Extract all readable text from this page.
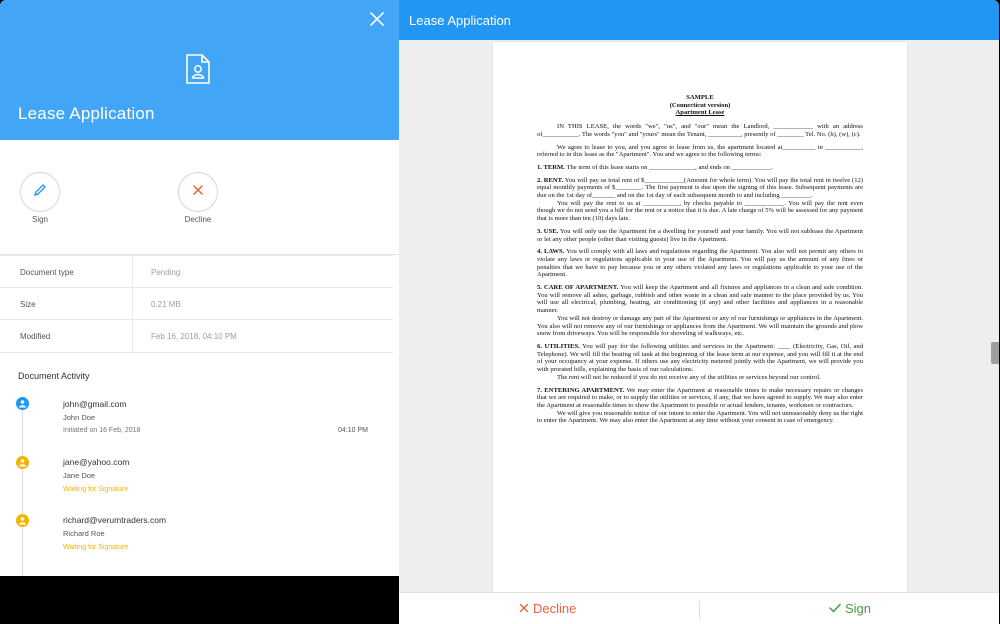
Lease Application
Sign	Decline
Document type	Pending
Size	0.21 MB
Modified	Feb 16, 2018, 04:10 PM
Document Activity
john@gmail.com
John Doe
Initiated on 16 Feb, 2018	04:10 PM
jane@yahoo.com
Jane Doe
Waiting for Signature
richard@verumtraders.com
Richard Roe
Waiting for Signature
Lease Application
SAMPLE
(Connecticut version)
Apartment Lease

IN THIS LEASE, the words "we", "us", and "our" mean the Landlord, ____________ with an address of___________. The words "you" and "yours" mean the Tenant, __________, presently of ________ Tel. No. (h), (w), (c).

We agree to lease to you, and you agree to lease from us, the apartment located at__________ in ___________, referred to in this lease as the "Apartment". You and we agree to the following terms:

1. TERM. The term of this lease starts on ______________, and ends on ____________.

2. RENT. You will pay us total rent of $____________(Amount for whole term). You will pay the total rent in twelve (12) equal monthly payments of $________. The first payment is due upon the signing of this lease. Subsequent payments are due on the 1st day of_______ and on the 1st day of each subsequent month to and including _________.

You will pay the rent to us at ___________, by checks payable to ____________. You will pay the rent even though we do not send you a bill for the rent or a notice that it is due. A late charge of 5% will be assessed for any payment that is more than ten (10) days late.

3. USE. You will only use the Apartment for a dwelling for yourself and your family. You will not sublease the Apartment or let any other people (other than visiting guests) live in the Apartment.

4. LAWS. You will comply with all laws and regulations regarding the Apartment. You also will not permit any others to violate any laws or regulations applicable to your use of the Apartment. You will pay us the amount of any fines or penalties that we have to pay because you or any others violated any laws or regulations applicable to your use of the Apartment.

5. CARE OF APARTMENT. You will keep the Apartment and all fixtures and appliances in a clean and safe condition. You will remove all ashes, garbage, rubbish and other waste in a clean and safe manner to the place provided by us. You will use all electrical, plumbing, heating, air conditioning (if any) and other facilities and appliances in a reasonable manner.

You will not destroy or damage any part of the Apartment or any of our furnishings or appliances in the Apartment. You also will not remove any of our furnishings or appliances from the Apartment. We will maintain the grounds and plow snow from driveways. You will be responsible for shoveling of walkways, etc.

6. UTILITIES. You will pay for the following utilities and services in the Apartment: ____ (Electricity, Gas, Oil, and Telephone). We will fill the heating oil tank at the beginning of the lease term at our expense, and you will fill it at the end of your occupancy at your expense. If others use any electricity metered jointly with the Apartment, we will provide you with prorated bills, explaining the basis of our calculations.

The rent will not be reduced if you do not receive any of the utilities or services beyond our control.

7. ENTERING APARTMENT. We may enter the Apartment at reasonable times to make necessary repairs or changes that we are required to make, or to supply the utilities or services, if any, that we have agreed to supply. We may also enter the Apartment at reasonable times to show the Apartment to possible or actual lenders, tenants, workmen or contractors.

We will give you reasonable notice of our intent to enter the Apartment. You will not unreasonably deny us the right to enter the Apartment. We may also enter the Apartment at any time without your consent in case of emergency.

Decline	Sign
